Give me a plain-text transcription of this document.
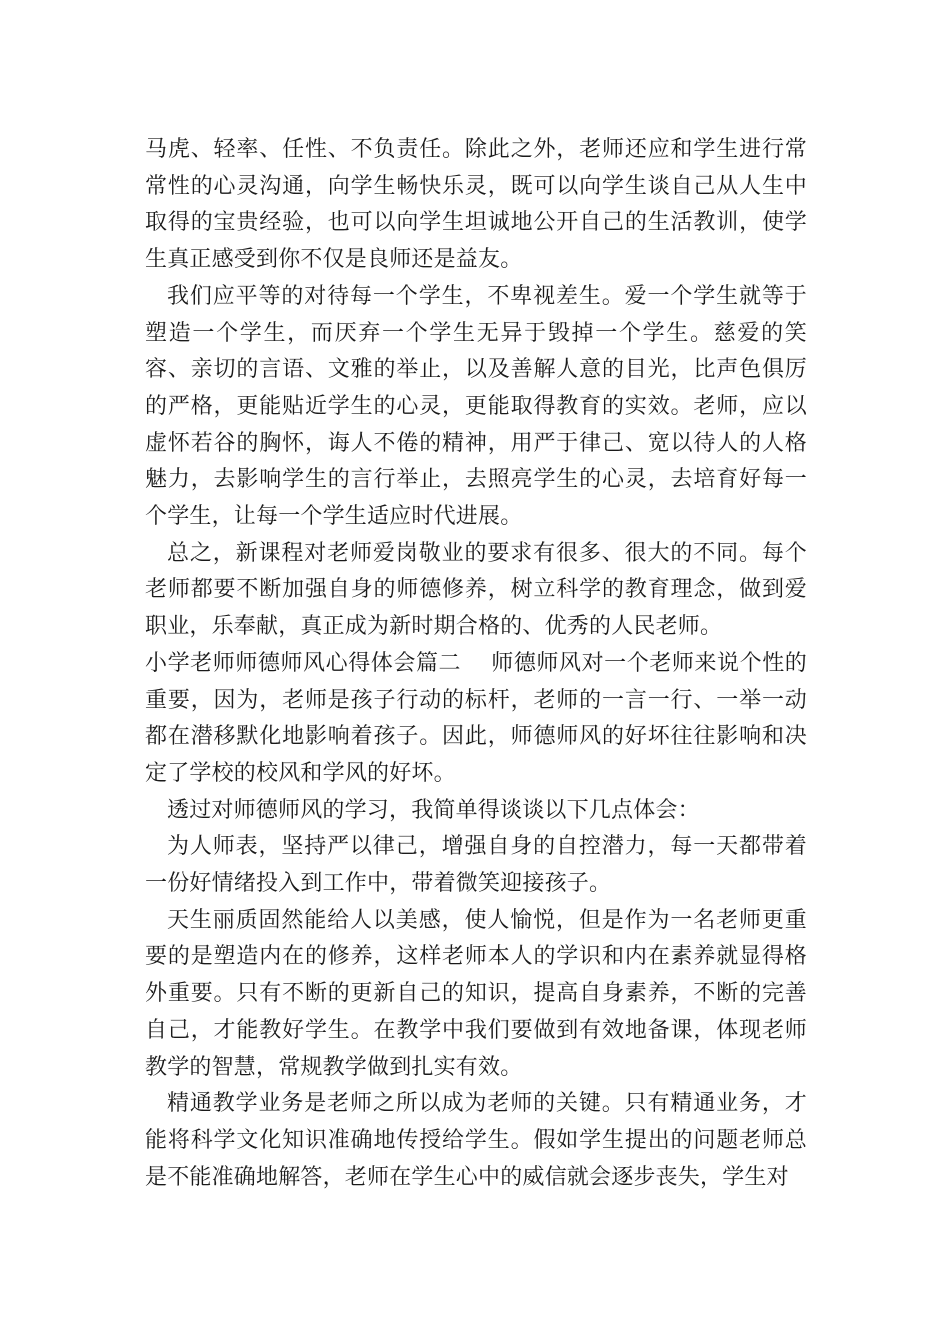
马虎、轻率、任性、不负责任。除此之外，老师还应和学生进行常常性的心灵沟通，向学生畅快乐灵，既可以向学生谈自己从人生中取得的宝贵经验，也可以向学生坦诚地公开自己的生活教训，使学生真正感受到你不仅是良师还是益友。

我们应平等的对待每一个学生，不卑视差生。爱一个学生就等于塑造一个学生，而厌弃一个学生无异于毁掉一个学生。慈爱的笑容、亲切的言语、文雅的举止，以及善解人意的目光，比声色俱厉的严格，更能贴近学生的心灵，更能取得教育的实效。老师，应以虚怀若谷的胸怀，诲人不倦的精神，用严于律己、宽以待人的人格魅力，去影响学生的言行举止，去照亮学生的心灵，去培育好每一个学生，让每一个学生适应时代进展。

总之，新课程对老师爱岗敬业的要求有很多、很大的不同。每个老师都要不断加强自身的师德修养，树立科学的教育理念，做到爱职业，乐奉献，真正成为新时期合格的、优秀的人民老师。

小学老师师德师风心得体会篇二　 师德师风对一个老师来说个性的重要，因为，老师是孩子行动的标杆，老师的一言一行、一举一动都在潜移默化地影响着孩子。因此，师德师风的好坏往往影响和决定了学校的校风和学风的好坏。

透过对师德师风的学习，我简单得谈谈以下几点体会：

为人师表，坚持严以律己，增强自身的自控潜力，每一天都带着一份好情绪投入到工作中，带着微笑迎接孩子。

天生丽质固然能给人以美感，使人愉悦，但是作为一名老师更重要的是塑造内在的修养，这样老师本人的学识和内在素养就显得格外重要。只有不断的更新自己的知识，提高自身素养，不断的完善自己，才能教好学生。在教学中我们要做到有效地备课，体现老师教学的智慧，常规教学做到扎实有效。

精通教学业务是老师之所以成为老师的关键。只有精通业务，才能将科学文化知识准确地传授给学生。假如学生提出的问题老师总是不能准确地解答，老师在学生心中的威信就会逐步丧失，学生对
